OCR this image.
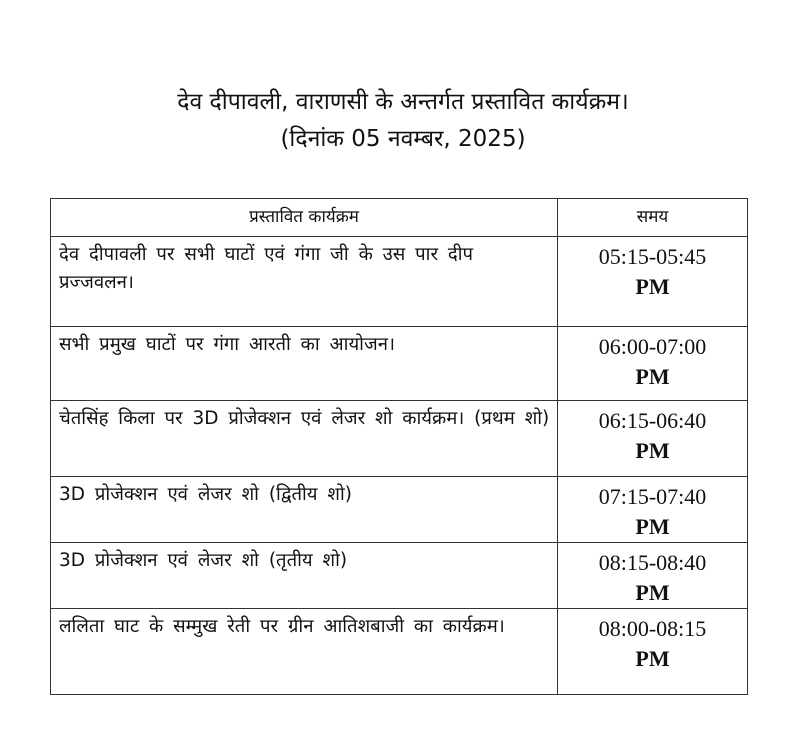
देव दीपावली, वाराणसी के अन्तर्गत प्रस्तावित कार्यक्रम।
(दिनांक 05 नवम्बर, 2025)
प्रस्तावित कार्यक्रम	समय
देव दीपावली पर सभी घाटों एवं गंगा जी के उस पार दीप प्रज्जवलन।	05:15-05:45
PM

सभी प्रमुख घाटों पर गंगा आरती का आयोजन।	06:00-07:00
PM

चेतसिंह किला पर 3D प्रोजेक्शन एवं लेजर शो कार्यक्रम। (प्रथम शो)	06:15-06:40
PM

3D प्रोजेक्शन एवं लेजर शो (द्वितीय शो)	07:15-07:40
PM

3D प्रोजेक्शन एवं लेजर शो (तृतीय शो)	08:15-08:40
PM

ललिता घाट के सम्मुख रेती पर ग्रीन आतिशबाजी का कार्यक्रम।	08:00-08:15
PM
